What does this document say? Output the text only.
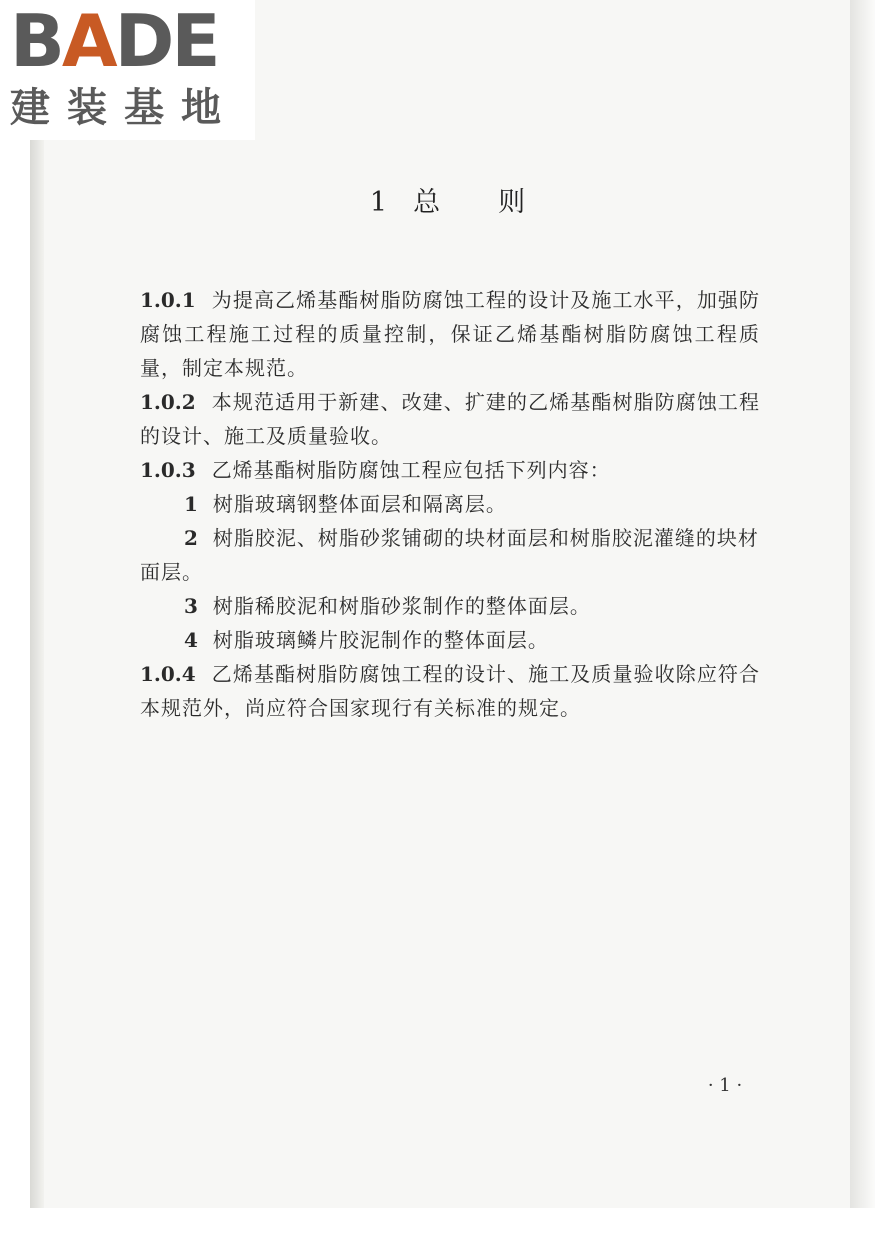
BADE
建装基地
1 总 则

1.0.1 为提高乙烯基酯树脂防腐蚀工程的设计及施工水平，加强防腐蚀工程施工过程的质量控制，保证乙烯基酯树脂防腐蚀工程质量，制定本规范。

1.0.2 本规范适用于新建、改建、扩建的乙烯基酯树脂防腐蚀工程的设计、施工及质量验收。

1.0.3 乙烯基酯树脂防腐蚀工程应包括下列内容：

1 树脂玻璃钢整体面层和隔离层。

2 树脂胶泥、树脂砂浆铺砌的块材面层和树脂胶泥灌缝的块材面层。

3 树脂稀胶泥和树脂砂浆制作的整体面层。

4 树脂玻璃鳞片胶泥制作的整体面层。

1.0.4 乙烯基酯树脂防腐蚀工程的设计、施工及质量验收除应符合本规范外，尚应符合国家现行有关标准的规定。

· 1 ·
